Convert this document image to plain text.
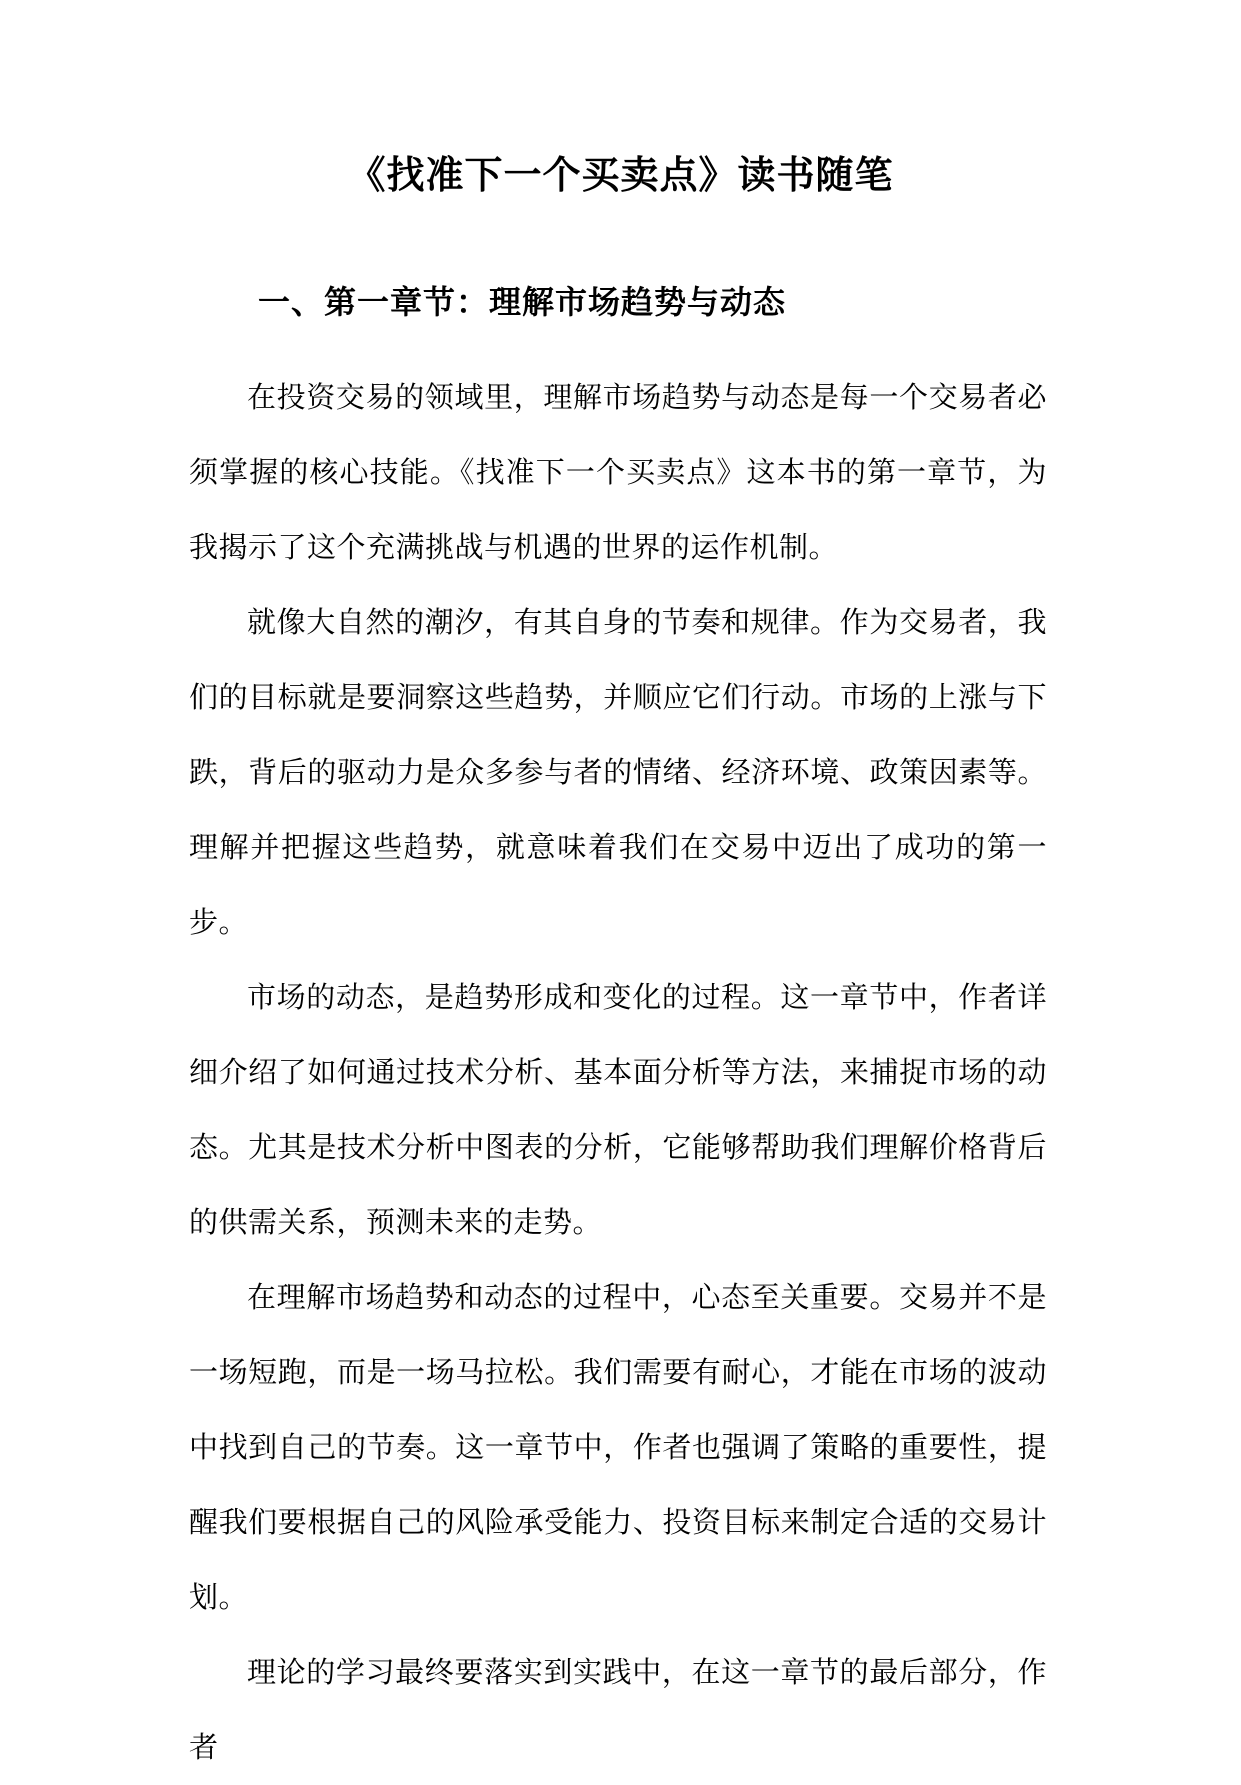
《找准下一个买卖点》读书随笔
一、第一章节：理解市场趋势与动态

在投资交易的领域里，理解市场趋势与动态是每一个交易者必须掌握的核心技能。《找准下一个买卖点》这本书的第一章节，为我揭示了这个充满挑战与机遇的世界的运作机制。

就像大自然的潮汐，有其自身的节奏和规律。作为交易者，我们的目标就是要洞察这些趋势，并顺应它们行动。市场的上涨与下跌，背后的驱动力是众多参与者的情绪、经济环境、政策因素等。理解并把握这些趋势，就意味着我们在交易中迈出了成功的第一步。

市场的动态，是趋势形成和变化的过程。这一章节中，作者详细介绍了如何通过技术分析、基本面分析等方法，来捕捉市场的动态。尤其是技术分析中图表的分析，它能够帮助我们理解价格背后的供需关系，预测未来的走势。

在理解市场趋势和动态的过程中，心态至关重要。交易并不是一场短跑，而是一场马拉松。我们需要有耐心，才能在市场的波动中找到自己的节奏。这一章节中，作者也强调了策略的重要性，提醒我们要根据自己的风险承受能力、投资目标来制定合适的交易计划。

理论的学习最终要落实到实践中，在这一章节的最后部分，作者
